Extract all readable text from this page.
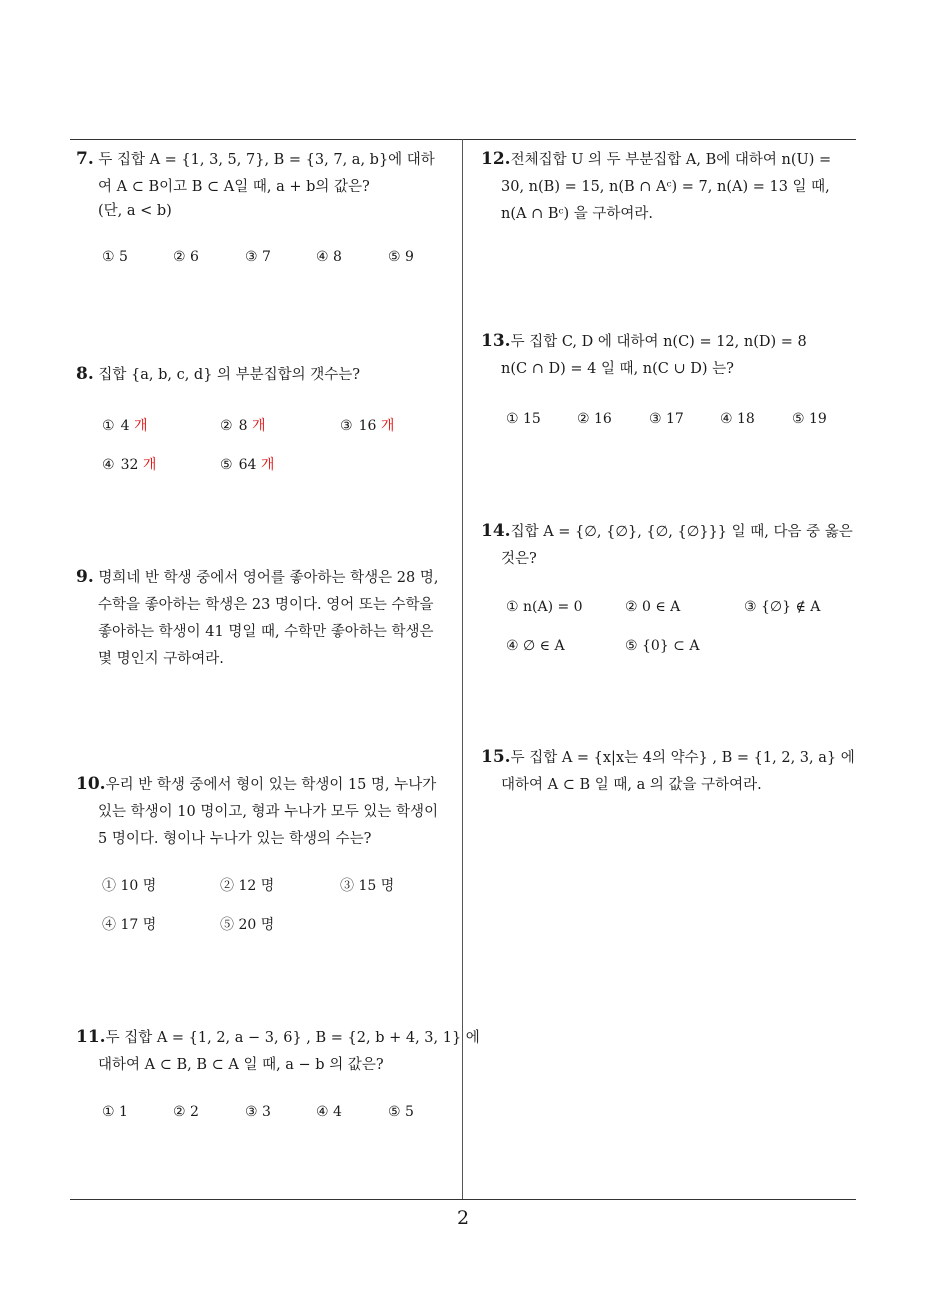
7. 두 집합 A = {1, 3, 5, 7}, B = {3, 7, a, b}에 대하
여 A ⊂ B이고 B ⊂ A일 때, a + b의 값은?
(단, a < b)
① 5	② 6	③ 7	④ 8	⑤ 9
8. 집합 {a, b, c, d} 의 부분집합의 갯수는?
① 4 개	② 8 개	③ 16 개
④ 32 개	⑤ 64 개
9. 명희네 반 학생 중에서 영어를 좋아하는 학생은 28 명,
수학을 좋아하는 학생은 23 명이다. 영어 또는 수학을
좋아하는 학생이 41 명일 때, 수학만 좋아하는 학생은
몇 명인지 구하여라.
10.우리 반 학생 중에서 형이 있는 학생이 15 명, 누나가
있는 학생이 10 명이고, 형과 누나가 모두 있는 학생이
5 명이다. 형이나 누나가 있는 학생의 수는?
① 10 명	② 12 명	③ 15 명
④ 17 명	⑤ 20 명
11.두 집합 A = {1, 2, a − 3, 6} , B = {2, b + 4, 3, 1} 에
대하여 A ⊂ B, B ⊂ A 일 때, a − b 의 값은?
① 1	② 2	③ 3	④ 4	⑤ 5
12.전체집합 U 의 두 부분집합 A, B에 대하여 n(U) =
30, n(B) = 15, n(B ∩ Aᶜ) = 7, n(A) = 13 일 때,
n(A ∩ Bᶜ) 을 구하여라.
13.두 집합 C, D 에 대하여 n(C) = 12, n(D) = 8
n(C ∩ D) = 4 일 때, n(C ∪ D) 는?
① 15	② 16	③ 17	④ 18	⑤ 19
14.집합 A = {∅, {∅}, {∅, {∅}}} 일 때, 다음 중 옳은
것은?
① n(A) = 0	② 0 ∈ A	③ {∅} ∉ A
④ ∅ ∈ A	⑤ {0} ⊂ A
15.두 집합 A = {x|x는 4의 약수} , B = {1, 2, 3, a} 에
대하여 A ⊂ B 일 때, a 의 값을 구하여라.
2
